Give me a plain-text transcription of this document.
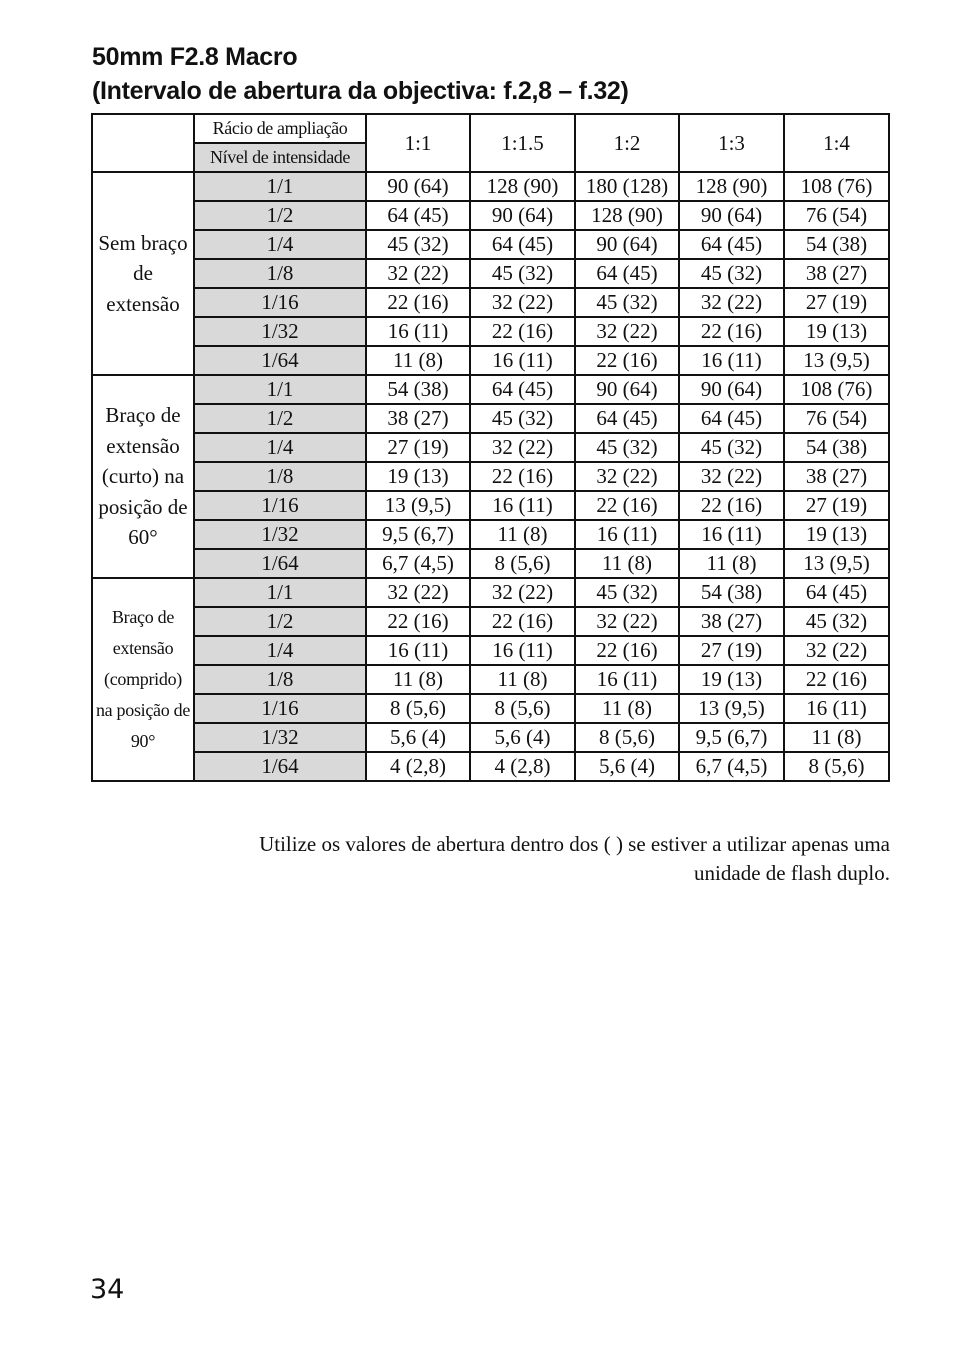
50mm F2.8 Macro
(Intervalo de abertura da objectiva: f.2,8 – f.32)
	Rácio de ampliação	1:1	1:1.5	1:2	1:3	1:4
	Nível de intensidade					
Sem braço de extensão	1/1	90 (64)	128 (90)	180 (128)	128 (90)	108 (76)
	1/2	64 (45)	90 (64)	128 (90)	90 (64)	76 (54)
	1/4	45 (32)	64 (45)	90 (64)	64 (45)	54 (38)
	1/8	32 (22)	45 (32)	64 (45)	45 (32)	38 (27)
	1/16	22 (16)	32 (22)	45 (32)	32 (22)	27 (19)
	1/32	16 (11)	22 (16)	32 (22)	22 (16)	19 (13)
	1/64	11 (8)	16 (11)	22 (16)	16 (11)	13 (9,5)
Braço de extensão (curto) na posição de 60°	1/1	54 (38)	64 (45)	90 (64)	90 (64)	108 (76)
	1/2	38 (27)	45 (32)	64 (45)	64 (45)	76 (54)
	1/4	27 (19)	32 (22)	45 (32)	45 (32)	54 (38)
	1/8	19 (13)	22 (16)	32 (22)	32 (22)	38 (27)
	1/16	13 (9,5)	16 (11)	22 (16)	22 (16)	27 (19)
	1/32	9,5 (6,7)	11 (8)	16 (11)	16 (11)	19 (13)
	1/64	6,7 (4,5)	8 (5,6)	11 (8)	11 (8)	13 (9,5)
Braço de extensão (comprido) na posição de 90°	1/1	32 (22)	32 (22)	45 (32)	54 (38)	64 (45)
	1/2	22 (16)	22 (16)	32 (22)	38 (27)	45 (32)
	1/4	16 (11)	16 (11)	22 (16)	27 (19)	32 (22)
	1/8	11 (8)	11 (8)	16 (11)	19 (13)	22 (16)
	1/16	8 (5,6)	8 (5,6)	11 (8)	13 (9,5)	16 (11)
	1/32	5,6 (4)	5,6 (4)	8 (5,6)	9,5 (6,7)	11 (8)
	1/64	4 (2,8)	4 (2,8)	5,6 (4)	6,7 (4,5)	8 (5,6)
Utilize os valores de abertura dentro dos ( ) se estiver a utilizar apenas uma
unidade de flash duplo.
34
